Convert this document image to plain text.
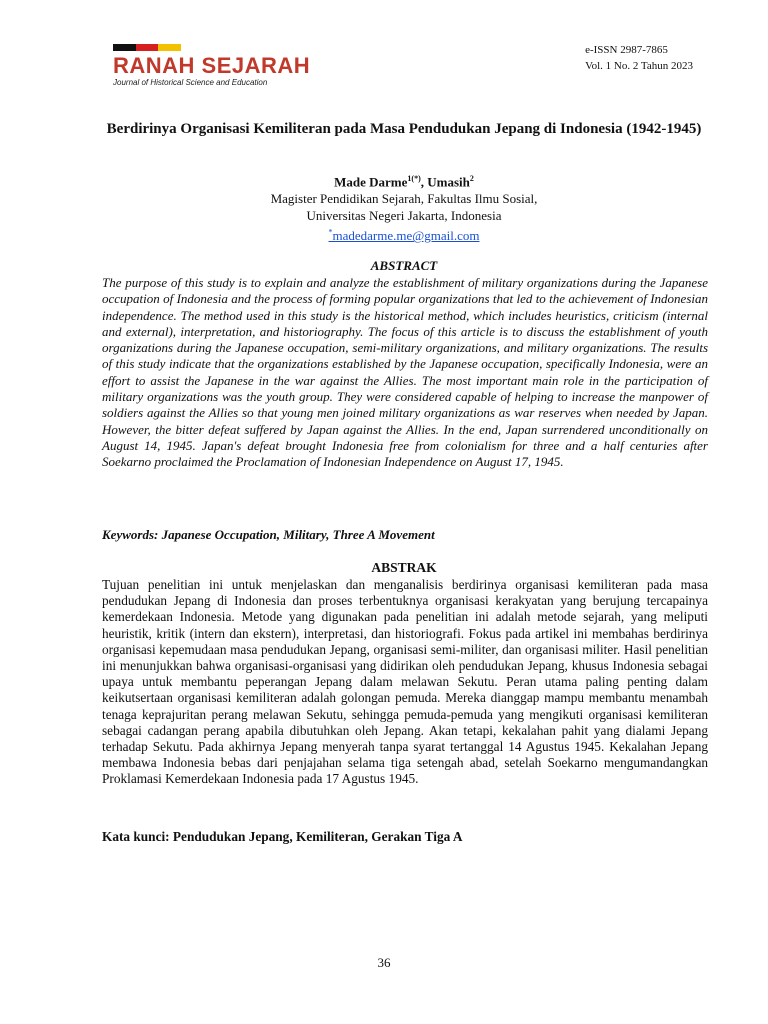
RANAH SEJARAH
Journal of Historical Science and Education
e-ISSN 2987-7865
Vol. 1 No. 2 Tahun 2023
Berdirinya Organisasi Kemiliteran pada Masa Pendudukan Jepang di Indonesia (1942-1945)
Made Darme$^{1(*)}$, Umasih$^2$
Magister Pendidikan Sejarah, Fakultas Ilmu Sosial,
Universitas Negeri Jakarta, Indonesia
*madedarme.me@gmail.com
ABSTRACT

The purpose of this study is to explain and analyze the establishment of military organizations during the Japanese occupation of Indonesia and the process of forming popular organizations that led to the achievement of Indonesian independence. The method used in this study is the historical method, which includes heuristics, criticism (internal and external), interpretation, and historiography. The focus of this article is to discuss the establishment of youth organizations during the Japanese occupation, semi-military organizations, and military organizations. The results of this study indicate that the organizations established by the Japanese occupation, specifically Indonesia, were an effort to assist the Japanese in the war against the Allies. The most important main role in the participation of military organizations was the youth group. They were considered capable of helping to increase the manpower of soldiers against the Allies so that young men joined military organizations as war reserves when needed by Japan. However, the bitter defeat suffered by Japan against the Allies. In the end, Japan surrendered unconditionally on August 14, 1945. Japan's defeat brought Indonesia free from colonialism for three and a half centuries after Soekarno proclaimed the Proclamation of Indonesian Independence on August 17, 1945.

Keywords: Japanese Occupation, Military, Three A Movement
ABSTRAK

Tujuan penelitian ini untuk menjelaskan dan menganalisis berdirinya organisasi kemiliteran pada masa pendudukan Jepang di Indonesia dan proses terbentuknya organisasi kerakyatan yang berujung tercapainya kemerdekaan Indonesia. Metode yang digunakan pada penelitian ini adalah metode sejarah, yang meliputi heuristik, kritik (intern dan ekstern), interpretasi, dan historiografi. Fokus pada artikel ini membahas berdirinya organisasi kepemudaan masa pendudukan Jepang, organisasi semi-militer, dan organisasi militer. Hasil penelitian ini menunjukkan bahwa organisasi-organisasi yang didirikan oleh pendudukan Jepang, khusus Indonesia sebagai upaya untuk membantu peperangan Jepang dalam melawan Sekutu. Peran utama paling penting dalam keikutsertaan organisasi kemiliteran adalah golongan pemuda. Mereka dianggap mampu membantu menambah tenaga keprajuritan perang melawan Sekutu, sehingga pemuda-pemuda yang mengikuti organisasi kemiliteran sebagai cadangan perang apabila dibutuhkan oleh Jepang. Akan tetapi, kekalahan pahit yang dialami Jepang terhadap Sekutu. Pada akhirnya Jepang menyerah tanpa syarat tertanggal 14 Agustus 1945. Kekalahan Jepang membawa Indonesia bebas dari penjajahan selama tiga setengah abad, setelah Soekarno mengumandangkan Proklamasi Kemerdekaan Indonesia pada 17 Agustus 1945.

Kata kunci: Pendudukan Jepang, Kemiliteran, Gerakan Tiga A
36
